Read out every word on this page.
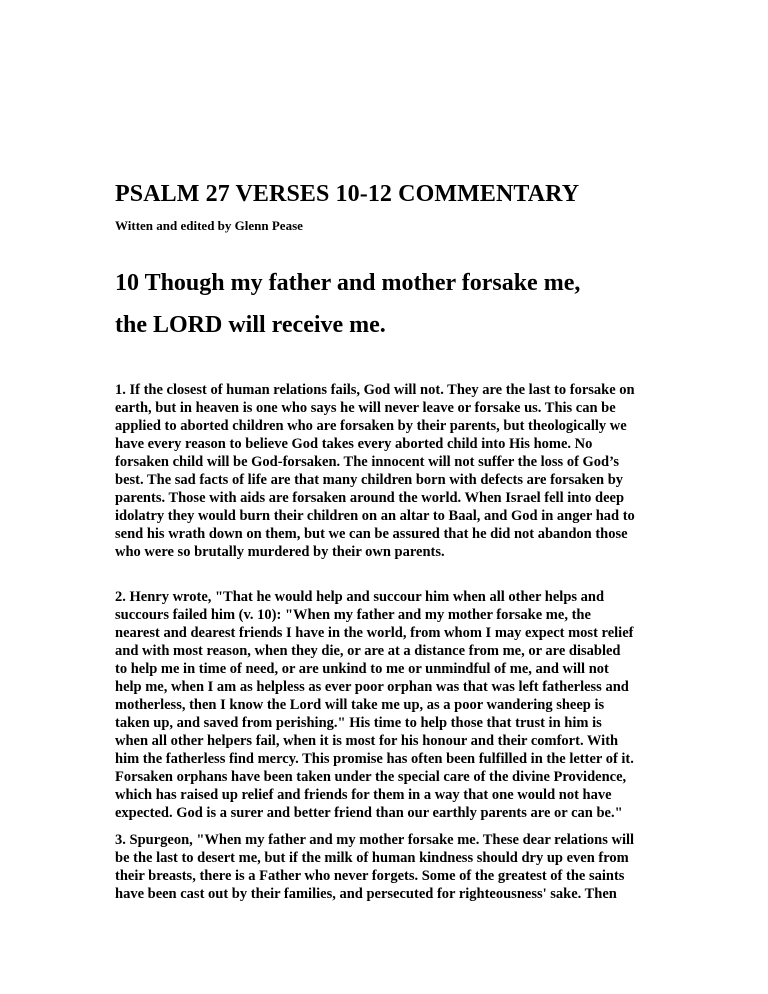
PSALM 27 VERSES 10-12 COMMENTARY
Witten and edited by Glenn Pease
10 Though my father and mother forsake me,
the LORD will receive me.
1. If the closest of human relations fails, God will not. They are the last to forsake on
earth, but in heaven is one who says he will never leave or forsake us. This can be
applied to aborted children who are forsaken by their parents, but theologically we
have every reason to believe God takes every aborted child into His home. No
forsaken child will be God-forsaken. The innocent will not suffer the loss of God’s
best. The sad facts of life are that many children born with defects are forsaken by
parents. Those with aids are forsaken around the world. When Israel fell into deep
idolatry they would burn their children on an altar to Baal, and God in anger had to
send his wrath down on them, but we can be assured that he did not abandon those
who were so brutally murdered by their own parents.
2. Henry wrote, "That he would help and succour him when all other helps and
succours failed him (v. 10): "When my father and my mother forsake me, the
nearest and dearest friends I have in the world, from whom I may expect most relief
and with most reason, when they die, or are at a distance from me, or are disabled
to help me in time of need, or are unkind to me or unmindful of me, and will not
help me, when I am as helpless as ever poor orphan was that was left fatherless and
motherless, then I know the Lord will take me up, as a poor wandering sheep is
taken up, and saved from perishing." His time to help those that trust in him is
when all other helpers fail, when it is most for his honour and their comfort. With
him the fatherless find mercy. This promise has often been fulfilled in the letter of it.
Forsaken orphans have been taken under the special care of the divine Providence,
which has raised up relief and friends for them in a way that one would not have
expected. God is a surer and better friend than our earthly parents are or can be."
3. Spurgeon, "When my father and my mother forsake me. These dear relations will
be the last to desert me, but if the milk of human kindness should dry up even from
their breasts, there is a Father who never forgets. Some of the greatest of the saints
have been cast out by their families, and persecuted for righteousness' sake. Then
